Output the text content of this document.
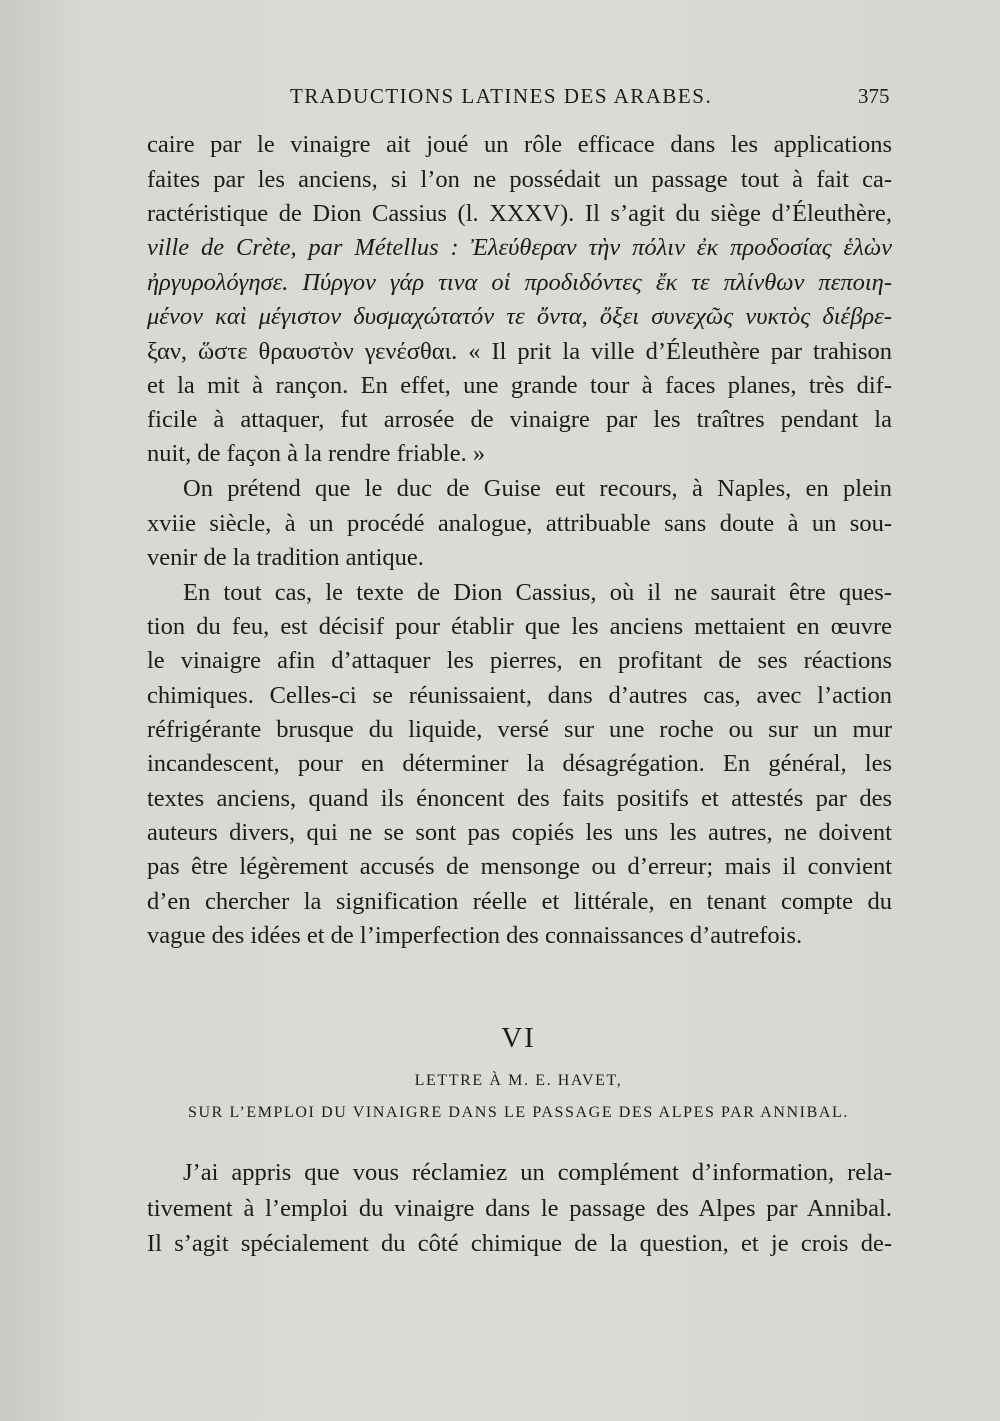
TRADUCTIONS LATINES DES ARABES.	375
caire par le vinaigre ait joué un rôle efficace dans les applications
faites par les anciens, si l’on ne possédait un passage tout à fait ca-
ractéristique de Dion Cassius (l. XXXV). Il s’agit du siège d’Éleuthère,
ville de Crète, par Métellus : Ἐλεύθεραν τὴν πόλιν ἐκ προδοσίας ἑλὼν
ἠργυρολόγησε. Πύργον γάρ τινα οἱ προδιδόντες ἔκ τε πλίνθων πεποιη-
μένον καὶ μέγιστον δυσμαχώτατόν τε ὄντα, ὄξει συνεχῶς νυκτὸς διέβρε-
ξαν, ὥστε θραυστὸν γενέσθαι. « Il prit la ville d’Éleuthère par trahison
et la mit à rançon. En effet, une grande tour à faces planes, très dif-
ficile à attaquer, fut arrosée de vinaigre par les traîtres pendant la
nuit, de façon à la rendre friable. »
On prétend que le duc de Guise eut recours, à Naples, en plein
xviie siècle, à un procédé analogue, attribuable sans doute à un sou-
venir de la tradition antique.
En tout cas, le texte de Dion Cassius, où il ne saurait être ques-
tion du feu, est décisif pour établir que les anciens mettaient en œuvre
le vinaigre afin d’attaquer les pierres, en profitant de ses réactions
chimiques. Celles-ci se réunissaient, dans d’autres cas, avec l’action
réfrigérante brusque du liquide, versé sur une roche ou sur un mur
incandescent, pour en déterminer la désagrégation. En général, les
textes anciens, quand ils énoncent des faits positifs et attestés par des
auteurs divers, qui ne se sont pas copiés les uns les autres, ne doivent
pas être légèrement accusés de mensonge ou d’erreur; mais il convient
d’en chercher la signification réelle et littérale, en tenant compte du
vague des idées et de l’imperfection des connaissances d’autrefois.
VI
LETTRE À M. E. HAVET,
SUR L’EMPLOI DU VINAIGRE DANS LE PASSAGE DES ALPES PAR ANNIBAL.
J’ai appris que vous réclamiez un complément d’information, rela-
tivement à l’emploi du vinaigre dans le passage des Alpes par Annibal.
Il s’agit spécialement du côté chimique de la question, et je crois de-
